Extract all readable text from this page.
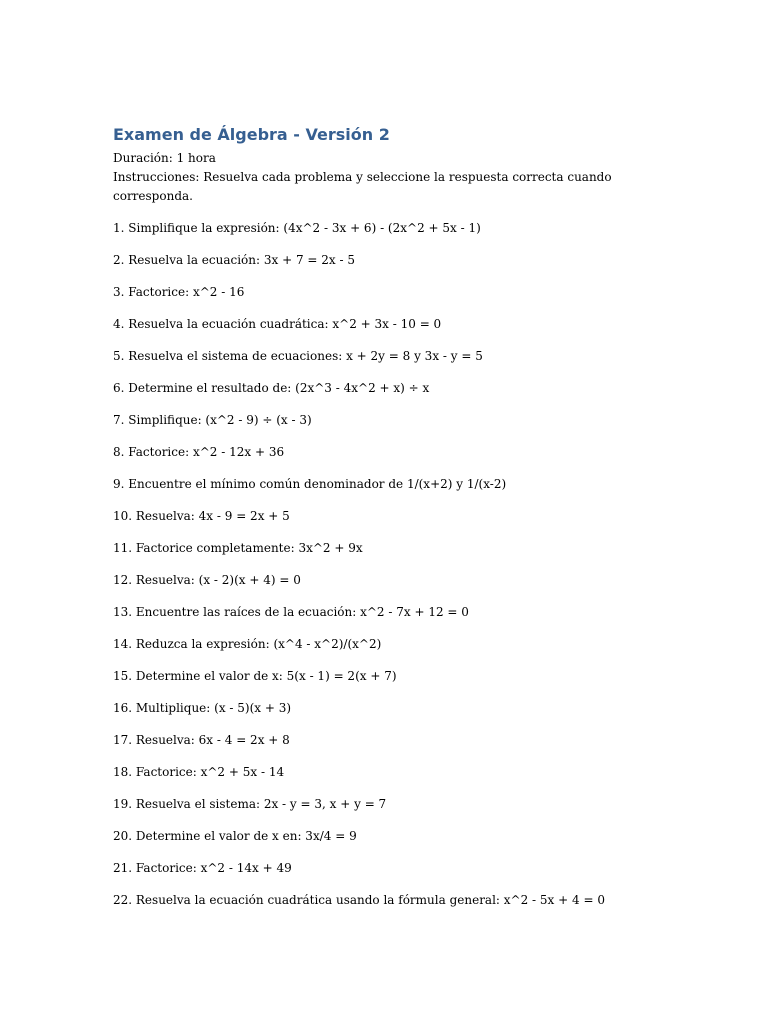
Examen de Álgebra - Versión 2

Duración: 1 hora

Instrucciones: Resuelva cada problema y seleccione la respuesta correcta cuando corresponda.

1. Simplifique la expresión: (4x^2 - 3x + 6) - (2x^2 + 5x - 1)
2. Resuelva la ecuación: 3x + 7 = 2x - 5
3. Factorice: x^2 - 16
4. Resuelva la ecuación cuadrática: x^2 + 3x - 10 = 0
5. Resuelva el sistema de ecuaciones: x + 2y = 8 y 3x - y = 5
6. Determine el resultado de: (2x^3 - 4x^2 + x) ÷ x
7. Simplifique: (x^2 - 9) ÷ (x - 3)
8. Factorice: x^2 - 12x + 36
9. Encuentre el mínimo común denominador de 1/(x+2) y 1/(x-2)
10. Resuelva: 4x - 9 = 2x + 5
11. Factorice completamente: 3x^2 + 9x
12. Resuelva: (x - 2)(x + 4) = 0
13. Encuentre las raíces de la ecuación: x^2 - 7x + 12 = 0
14. Reduzca la expresión: (x^4 - x^2)/(x^2)
15. Determine el valor de x: 5(x - 1) = 2(x + 7)
16. Multiplique: (x - 5)(x + 3)
17. Resuelva: 6x - 4 = 2x + 8
18. Factorice: x^2 + 5x - 14
19. Resuelva el sistema: 2x - y = 3, x + y = 7
20. Determine el valor de x en: 3x/4 = 9
21. Factorice: x^2 - 14x + 49
22. Resuelva la ecuación cuadrática usando la fórmula general: x^2 - 5x + 4 = 0
